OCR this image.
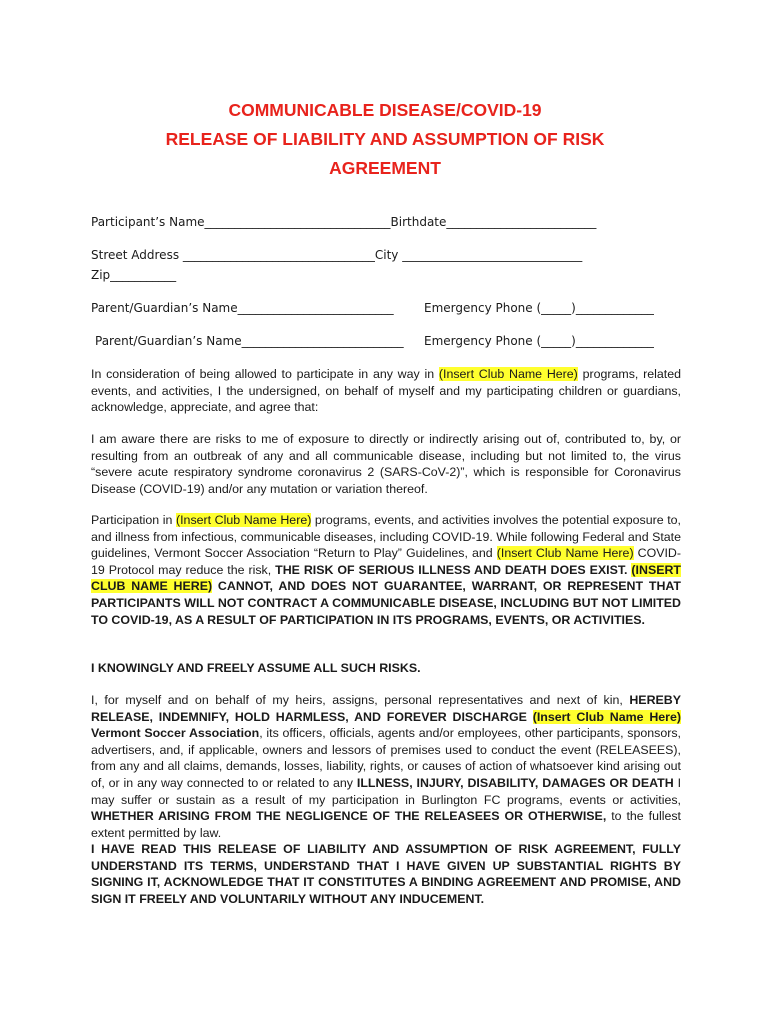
COMMUNICABLE DISEASE/COVID-19
RELEASE OF LIABILITY AND ASSUMPTION OF RISK
AGREEMENT
Participant’s Name_______________________________Birthdate_________________________
Street Address ________________________________City ______________________________
Zip___________
Parent/Guardian’s Name__________________________	Emergency Phone (_____)_____________
Parent/Guardian’s Name___________________________ Emergency Phone (_____)_____________

In consideration of being allowed to participate in any way in (Insert Club Name Here) programs, related events, and activities, I the undersigned, on behalf of myself and my participating children or guardians, acknowledge, appreciate, and agree that:

I am aware there are risks to me of exposure to directly or indirectly arising out of, contributed to, by, or resulting from an outbreak of any and all communicable disease, including but not limited to, the virus “severe acute respiratory syndrome coronavirus 2 (SARS-CoV-2)”, which is responsible for Coronavirus Disease (COVID-19) and/or any mutation or variation thereof.

Participation in (Insert Club Name Here) programs, events, and activities involves the potential exposure to, and illness from infectious, communicable diseases, including COVID-19. While following Federal and State guidelines, Vermont Soccer Association “Return to Play” Guidelines, and (Insert Club Name Here) COVID-19 Protocol may reduce the risk, THE RISK OF SERIOUS ILLNESS AND DEATH DOES EXIST. (INSERT CLUB NAME HERE) CANNOT, AND DOES NOT GUARANTEE, WARRANT, OR REPRESENT THAT PARTICIPANTS WILL NOT CONTRACT A COMMUNICABLE DISEASE, INCLUDING BUT NOT LIMITED TO COVID-19, AS A RESULT OF PARTICIPATION IN ITS PROGRAMS, EVENTS, OR ACTIVITIES.

I KNOWINGLY AND FREELY ASSUME ALL SUCH RISKS.

I, for myself and on behalf of my heirs, assigns, personal representatives and next of kin, HEREBY RELEASE, INDEMNIFY, HOLD HARMLESS, AND FOREVER DISCHARGE (Insert Club Name Here) Vermont Soccer Association, its officers, officials, agents and/or employees, other participants, sponsors, advertisers, and, if applicable, owners and lessors of premises used to conduct the event (RELEASEES), from any and all claims, demands, losses, liability, rights, or causes of action of whatsoever kind arising out of, or in any way connected to or related to any ILLNESS, INJURY, DISABILITY, DAMAGES OR DEATH I may suffer or sustain as a result of my participation in Burlington FC programs, events or activities, WHETHER ARISING FROM THE NEGLIGENCE OF THE RELEASEES OR OTHERWISE, to the fullest extent permitted by law.

I HAVE READ THIS RELEASE OF LIABILITY AND ASSUMPTION OF RISK AGREEMENT, FULLY UNDERSTAND ITS TERMS, UNDERSTAND THAT I HAVE GIVEN UP SUBSTANTIAL RIGHTS BY SIGNING IT, ACKNOWLEDGE THAT IT CONSTITUTES A BINDING AGREEMENT AND PROMISE, AND SIGN IT FREELY AND VOLUNTARILY WITHOUT ANY INDUCEMENT.
